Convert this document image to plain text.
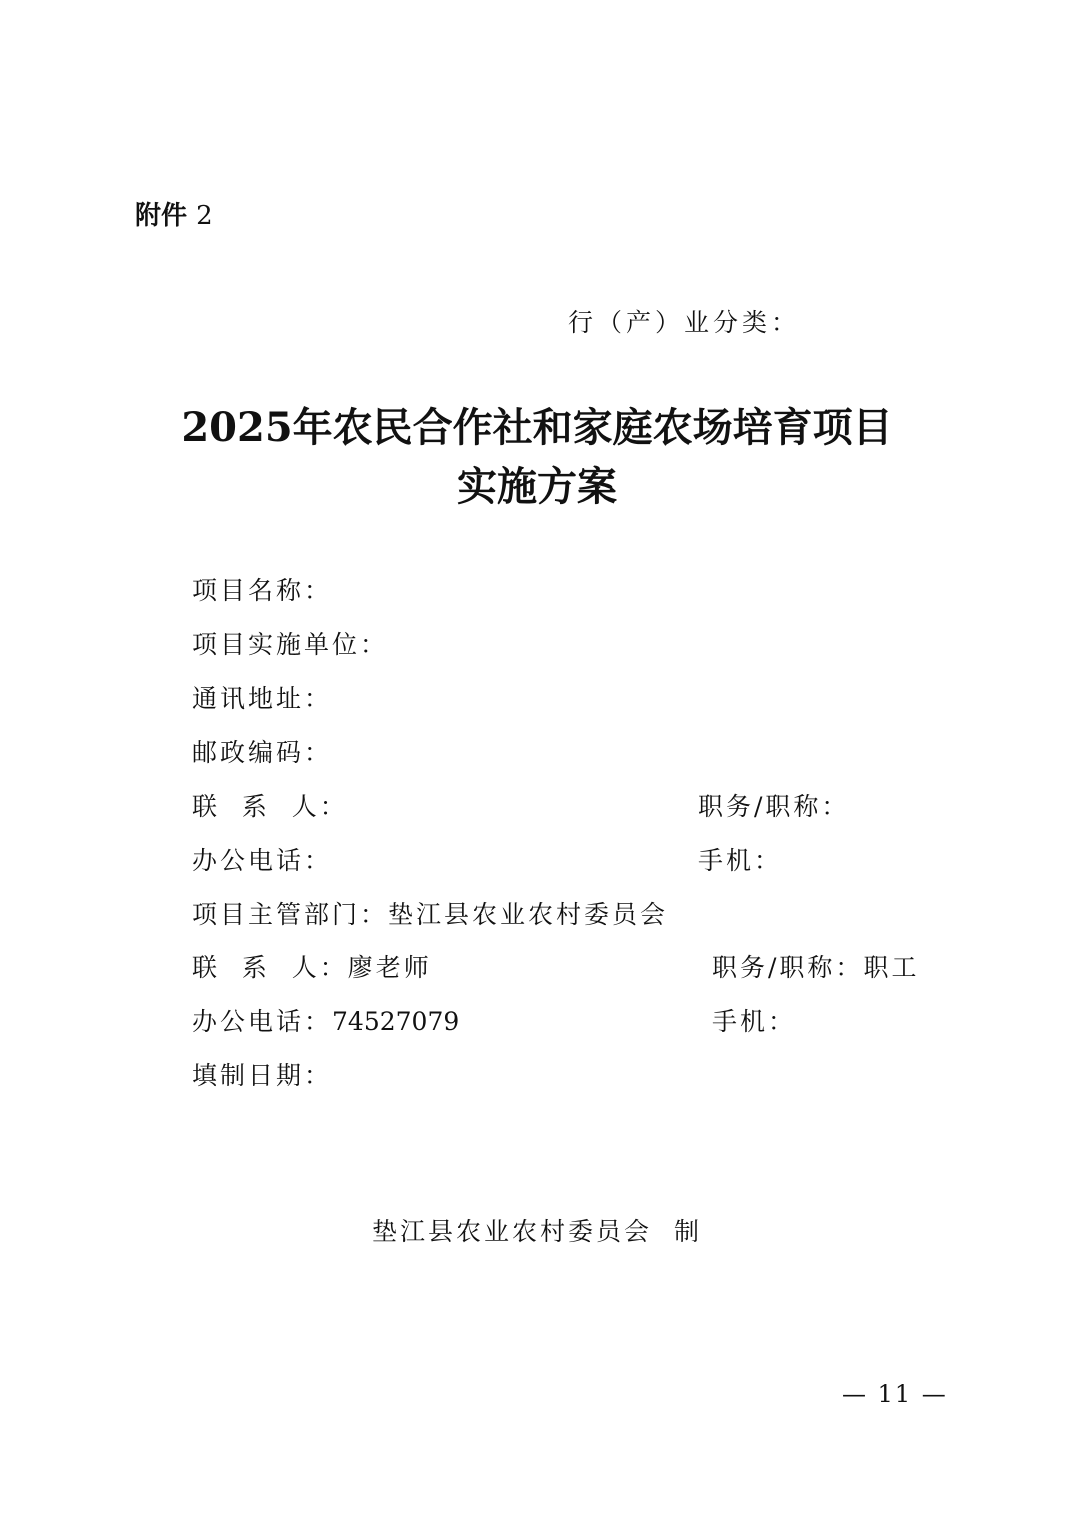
附件 2
行（产）业分类：
2025年农民合作社和家庭农场培育项目
实施方案
项目名称：
项目实施单位：
通讯地址：
邮政编码：
联  系  人：	职务/职称：
办公电话：	手机：
项目主管部门：垫江县农业农村委员会
联  系  人：廖老师	职务/职称：职工
办公电话：74527079	手机：
填制日期：
垫江县农业农村委员会  制
— 11 —
